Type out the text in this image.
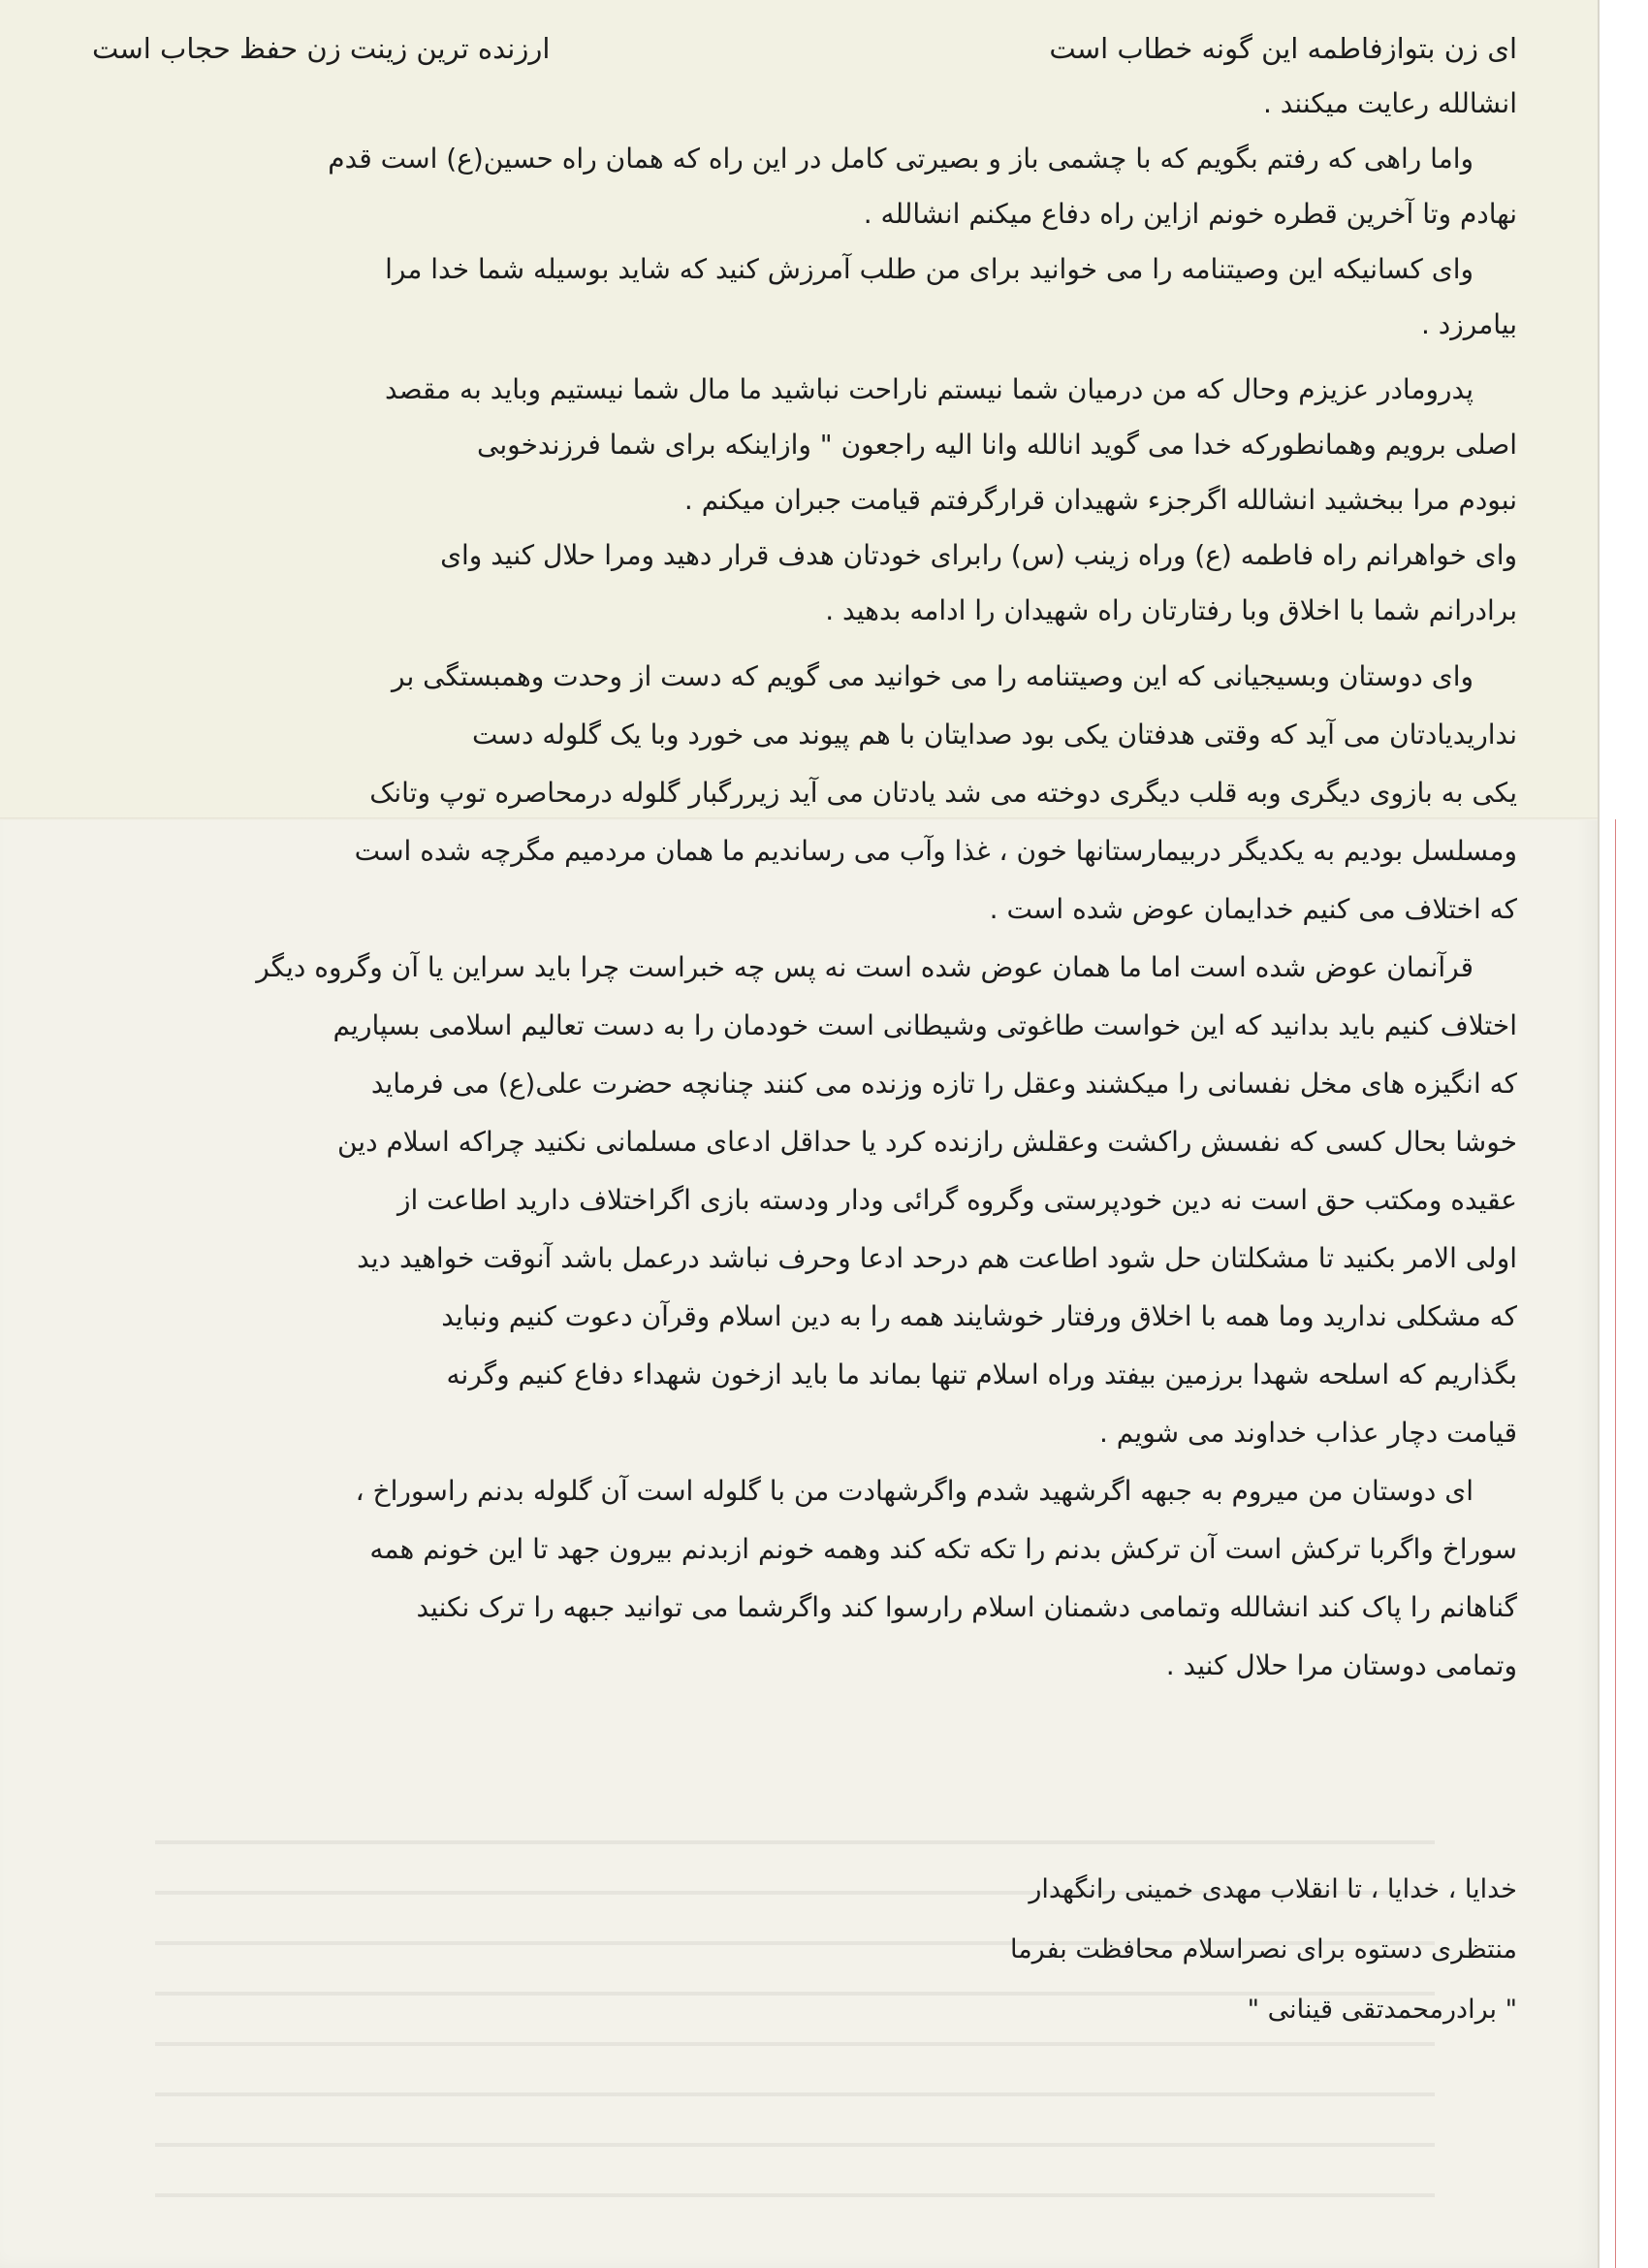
ای زن بتوازفاطمه این گونه خطاب است
ارزنده ترین زینت زن حفظ حجاب است
انشالله رعایت میکنند .
واما راهی که رفتم بگویم که با چشمی باز و بصیرتی کامل در این راه که همان راه حسین(ع) است قدم
نهادم وتا آخرین قطره خونم ازاین راه دفاع میکنم انشالله .
وای کسانیکه این وصیتنامه را می خوانید برای من طلب آمرزش کنید که شاید بوسیله شما خدا مرا
بیامرزد .
پدرومادر عزیزم وحال که من درمیان شما نیستم ناراحت نباشید ما مال شما نیستیم وباید به مقصد
اصلی برویم وهمانطورکه خدا می گوید انالله وانا الیه راجعون " وازاینکه برای شما فرزندخوبی
نبودم مرا ببخشید انشالله اگرجزء شهیدان قرارگرفتم قیامت جبران میکنم .
وای خواهرانم راه فاطمه (ع) وراه زینب (س) رابرای خودتان هدف قرار دهید ومرا حلال کنید وای
برادرانم شما با اخلاق وبا رفتارتان راه شهیدان را ادامه بدهید .
وای دوستان وبسیجیانی که این وصیتنامه را می خوانید می گویم که دست از وحدت وهمبستگی بر
نداریدیادتان می آید که وقتی هدفتان یکی بود صدایتان با هم پیوند می خورد وبا یک گلوله دست
یکی به بازوی دیگری وبه قلب دیگری دوخته می شد یادتان می آید زیررگبار گلوله درمحاصره توپ وتانک
ومسلسل بودیم به یکدیگر دربیمارستانها خون ، غذا وآب می رساندیم ما همان مردمیم مگرچه شده است
که اختلاف می کنیم خدایمان عوض شده است .
قرآنمان عوض شده است اما ما همان عوض شده است نه پس چه خبراست چرا باید سراین یا آن وگروه دیگر
اختلاف کنیم باید بدانید که این خواست طاغوتی وشیطانی است خودمان را به دست تعالیم اسلامی بسپاریم
که انگیزه های مخل نفسانی را میکشند وعقل را تازه وزنده می کنند چنانچه حضرت علی(ع) می فرماید
خوشا بحال کسی که نفسش راکشت وعقلش رازنده کرد یا حداقل ادعای مسلمانی نکنید چراکه اسلام دین
عقیده ومکتب حق است نه دین خودپرستی وگروه گرائی ودار ودسته بازی اگراختلاف دارید اطاعت از
اولی الامر بکنید تا مشکلتان حل شود اطاعت هم درحد ادعا وحرف نباشد درعمل باشد آنوقت خواهید دید
که مشکلی ندارید وما همه با اخلاق ورفتار خوشایند همه را به دین اسلام وقرآن دعوت کنیم ونباید
بگذاریم که اسلحه شهدا برزمین بیفتد وراه اسلام تنها بماند ما باید ازخون شهداء دفاع کنیم وگرنه
قیامت دچار عذاب خداوند می شویم .
ای دوستان من میروم به جبهه اگرشهید شدم واگرشهادت من با گلوله است آن گلوله بدنم راسوراخ ،
سوراخ واگربا ترکش است آن ترکش بدنم را تکه تکه کند وهمه خونم ازبدنم بیرون جهد تا این خونم همه
گناهانم را پاک کند انشالله وتمامی دشمنان اسلام رارسوا کند واگرشما می توانید جبهه را ترک نکنید
وتمامی دوستان مرا حلال کنید .
خدایا ، خدایا ، تا انقلاب مهدی خمینی رانگهدار
منتظری دستوه برای نصراسلام محافظت بفرما
" برادرمحمدتقی قینانی "
